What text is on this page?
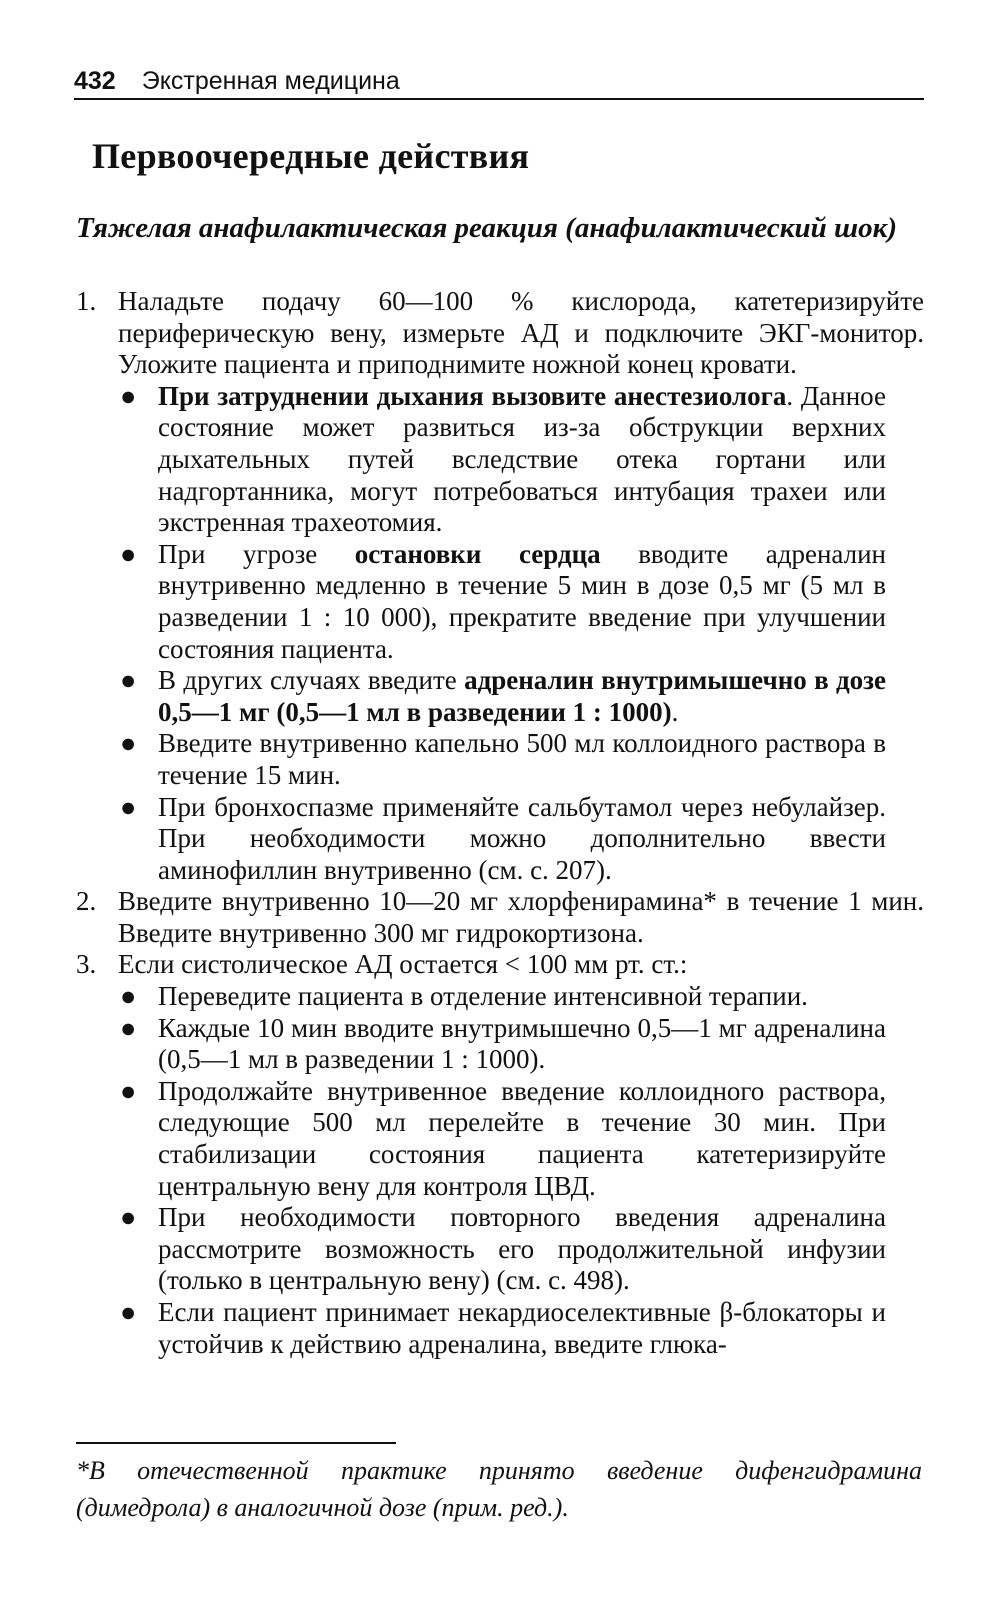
432 Экстренная медицина
Первоочередные действия
Тяжелая анафилактическая реакция (анафилактический шок)
1. Наладьте подачу 60—100 % кислорода, катетеризируйте периферическую вену, измерьте АД и подключите ЭКГ-монитор. Уложите пациента и приподнимите ножной конец кровати.
● При затруднении дыхания вызовите анестезиолога. Данное состояние может развиться из-за обструкции верхних дыхательных путей вследствие отека гортани или надгортанника, могут потребоваться интубация трахеи или экстренная трахеотомия.
● При угрозе остановки сердца вводите адреналин внутривенно медленно в течение 5 мин в дозе 0,5 мг (5 мл в разведении 1 : 10 000), прекратите введение при улучшении состояния пациента.
● В других случаях введите адреналин внутримышечно в дозе 0,5—1 мг (0,5—1 мл в разведении 1 : 1000).
● Введите внутривенно капельно 500 мл коллоидного раствора в течение 15 мин.
● При бронхоспазме применяйте сальбутамол через небулайзер. При необходимости можно дополнительно ввести аминофиллин внутривенно (см. с. 207).
2. Введите внутривенно 10—20 мг хлорфенирамина* в течение 1 мин. Введите внутривенно 300 мг гидрокортизона.
3. Если систолическое АД остается < 100 мм рт. ст.:
● Переведите пациента в отделение интенсивной терапии.
● Каждые 10 мин вводите внутримышечно 0,5—1 мг адреналина (0,5—1 мл в разведении 1 : 1000).
● Продолжайте внутривенное введение коллоидного раствора, следующие 500 мл перелейте в течение 30 мин. При стабилизации состояния пациента катетеризируйте центральную вену для контроля ЦВД.
● При необходимости повторного введения адреналина рассмотрите возможность его продолжительной инфузии (только в центральную вену) (см. с. 498).
● Если пациент принимает некардиоселективные β-блокаторы и устойчив к действию адреналина, введите глюка-
*В отечественной практике принято введение дифенгидрамина (димедрола) в аналогичной дозе (прим. ред.).
